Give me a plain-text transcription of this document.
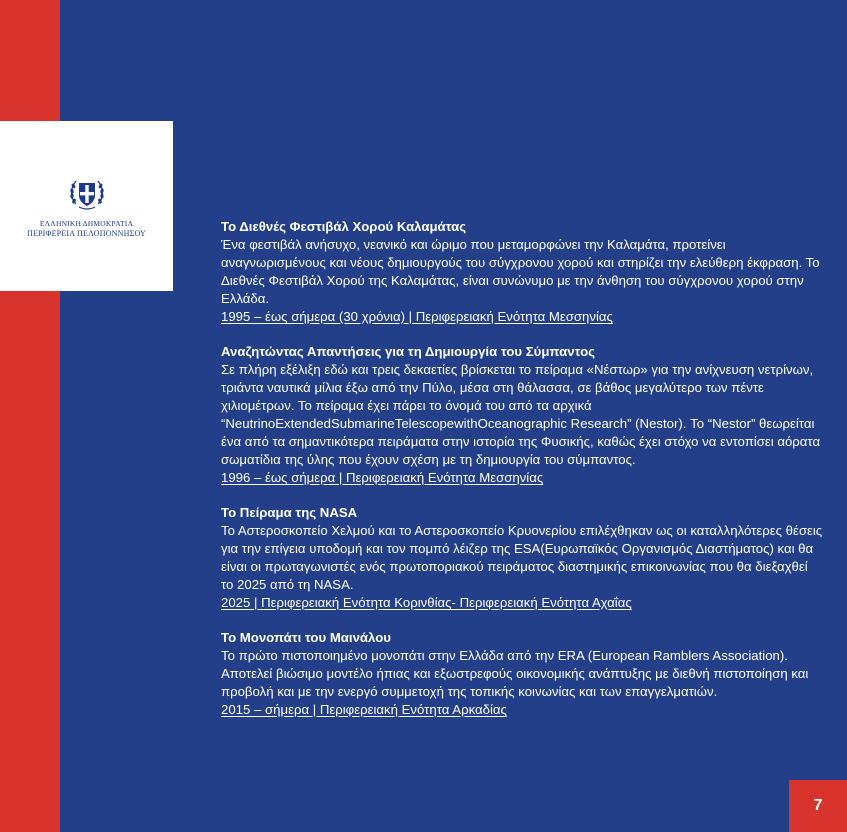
ΕΛΛΗΝΙΚΗ ΔΗΜΟΚΡΑΤΙΑ
ΠΕΡΙΦΕΡΕΙΑ ΠΕΛΟΠΟΝΝΗΣΟΥ	Το Διεθνές Φεστιβάλ Χορού Καλαμάτας

Ένα φεστιβάλ ανήσυχο, νεανικό και ώριμο που μεταμορφώνει την Καλαμάτα, προτείνει αναγνωρισμένους και νέους δημιουργούς του σύγχρονου χορού και στηρίζει την ελεύθερη έκφραση. Το Διεθνές Φεστιβάλ Χορού της Καλαμάτας, είναι συνώνυμο με την άνθηση του σύγχρονου χορού στην Ελλάδα.

1995 – έως σήμερα (30 χρόνια) | Περιφερειακή Ενότητα Μεσσηνίας

Αναζητώντας Απαντήσεις για τη Δημιουργία του Σύμπαντος

Σε πλήρη εξέλιξη εδώ και τρεις δεκαετίες βρίσκεται το πείραμα «Νέστωρ» για την ανίχνευση νετρίνων, τριάντα ναυτικά μίλια έξω από την Πύλο, μέσα στη θάλασσα, σε βάθος μεγαλύτερο των πέντε χιλιομέτρων. Το πείραμα έχει πάρει το όνομά του από τα αρχικά “NeutrinoExtendedSubmarineTelescopewithOceanographic Research” (Nestor). Το “Nestor” θεωρείται ένα από τα σημαντικότερα πειράματα στην ιστορία της Φυσικής, καθώς έχει στόχο να εντοπίσει αόρατα σωματίδια της ύλης που έχουν σχέση με τη δημιουργία του σύμπαντος.

1996 – έως σήμερα | Περιφερειακή Ενότητα Μεσσηνίας

Το Πείραμα της NASA

Το Αστεροσκοπείο Χελμού και το Αστεροσκοπείο Κρυονερίου επιλέχθηκαν ως οι καταλληλότερες θέσεις για την επίγεια υποδομή και τον πομπό λέιζερ της ESA(Ευρωπαϊκός Οργανισμός Διαστήματος) και θα είναι οι πρωταγωνιστές ενός πρωτοποριακού πειράματος διαστημικής επικοινωνίας που θα διεξαχθεί το 2025 από τη NASA.

2025 | Περιφερειακή Ενότητα Κορινθίας- Περιφερειακή Ενότητα Αχαΐας

Το Μονοπάτι του Μαινάλου

Το πρώτο πιστοποιημένο μονοπάτι στην Ελλάδα από την ERA (European Ramblers Association). Αποτελεί βιώσιμο μοντέλο ήπιας και εξωστρεφούς οικονομικής ανάπτυξης με διεθνή πιστοποίηση και προβολή και με την ενεργό συμμετοχή της τοπικής κοινωνίας και των επαγγελματιών.

2015 – σήμερα | Περιφερειακή Ενότητα Αρκαδίας

7
